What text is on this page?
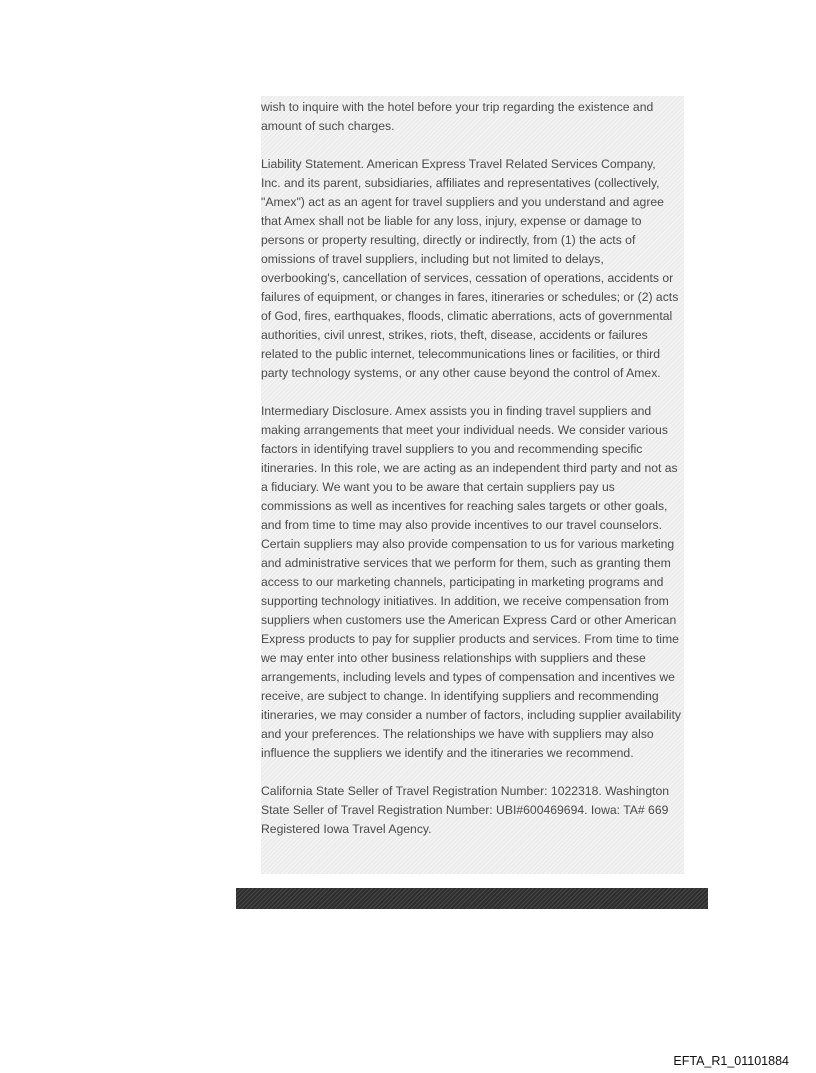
wish to inquire with the hotel before your trip regarding the existence and
amount of such charges.
Liability Statement. American Express Travel Related Services Company,
Inc. and its parent, subsidiaries, affiliates and representatives (collectively,
"Amex") act as an agent for travel suppliers and you understand and agree
that Amex shall not be liable for any loss, injury, expense or damage to
persons or property resulting, directly or indirectly, from (1) the acts of
omissions of travel suppliers, including but not limited to delays,
overbooking's, cancellation of services, cessation of operations, accidents or
failures of equipment, or changes in fares, itineraries or schedules; or (2) acts
of God, fires, earthquakes, floods, climatic aberrations, acts of governmental
authorities, civil unrest, strikes, riots, theft, disease, accidents or failures
related to the public internet, telecommunications lines or facilities, or third
party technology systems, or any other cause beyond the control of Amex.
Intermediary Disclosure. Amex assists you in finding travel suppliers and
making arrangements that meet your individual needs. We consider various
factors in identifying travel suppliers to you and recommending specific
itineraries. In this role, we are acting as an independent third party and not as
a fiduciary. We want you to be aware that certain suppliers pay us
commissions as well as incentives for reaching sales targets or other goals,
and from time to time may also provide incentives to our travel counselors.
Certain suppliers may also provide compensation to us for various marketing
and administrative services that we perform for them, such as granting them
access to our marketing channels, participating in marketing programs and
supporting technology initiatives. In addition, we receive compensation from
suppliers when customers use the American Express Card or other American
Express products to pay for supplier products and services. From time to time
we may enter into other business relationships with suppliers and these
arrangements, including levels and types of compensation and incentives we
receive, are subject to change. In identifying suppliers and recommending
itineraries, we may consider a number of factors, including supplier availability
and your preferences. The relationships we have with suppliers may also
influence the suppliers we identify and the itineraries we recommend.
California State Seller of Travel Registration Number: 1022318. Washington
State Seller of Travel Registration Number: UBI#600469694. Iowa: TA# 669
Registered Iowa Travel Agency.
EFTA_R1_01101884
